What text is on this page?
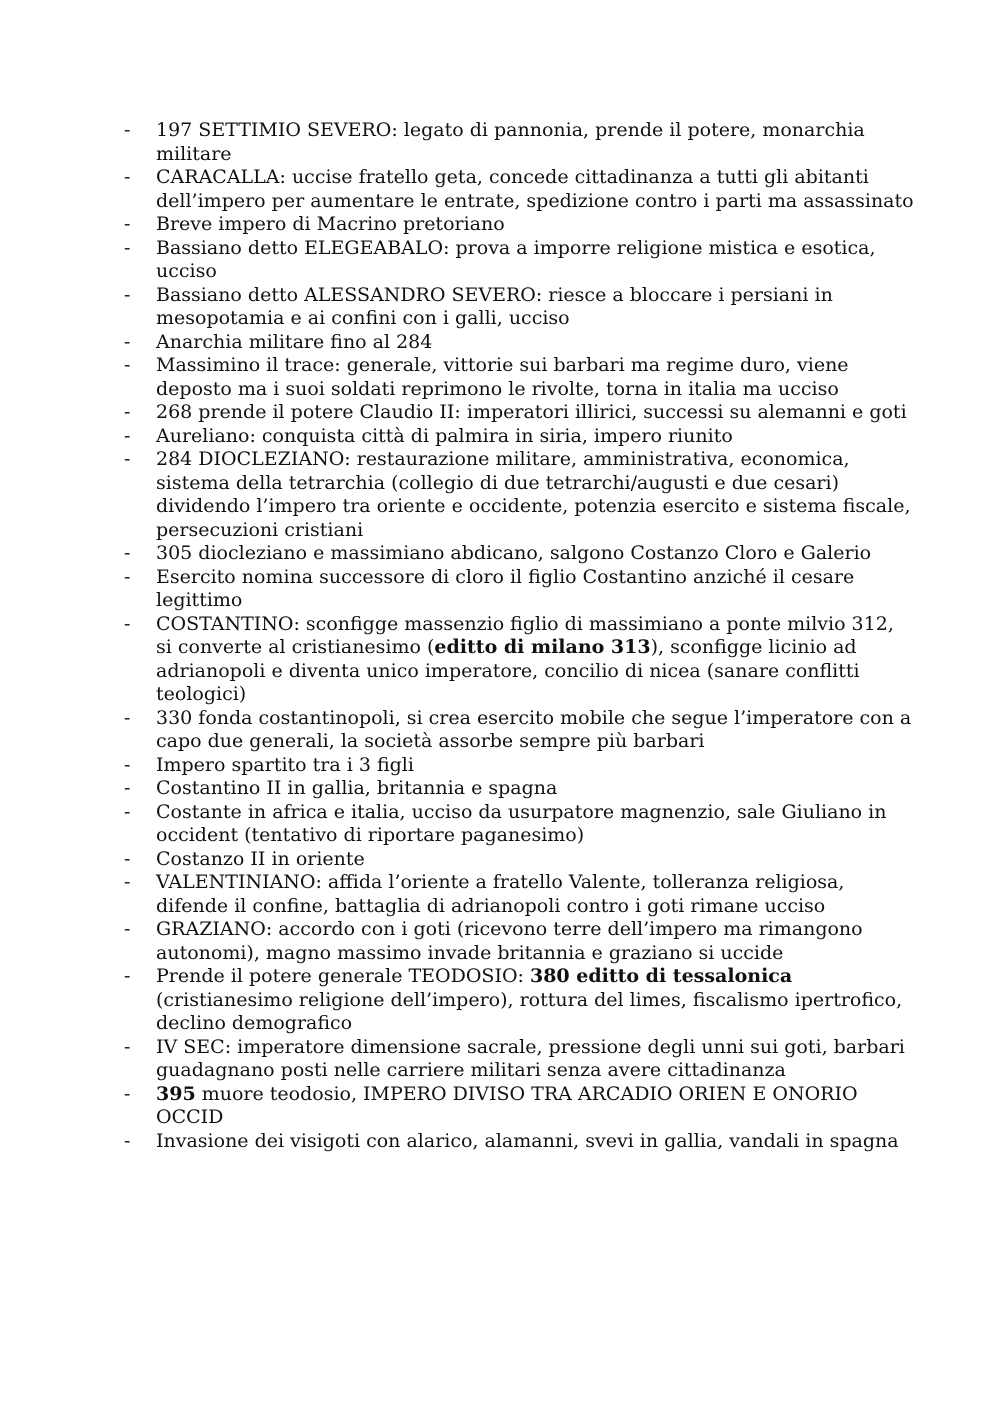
-	197 SETTIMIO SEVERO: legato di pannonia, prende il potere, monarchia militare
-	CARACALLA: uccise fratello geta, concede cittadinanza a tutti gli abitanti dell’impero per aumentare le entrate, spedizione contro i parti ma assassinato
-	Breve impero di Macrino pretoriano
-	Bassiano detto ELEGEABALO: prova a imporre religione mistica e esotica, ucciso
-	Bassiano detto ALESSANDRO SEVERO: riesce a bloccare i persiani in mesopotamia e ai confini con i galli, ucciso
-	Anarchia militare fino al 284
-	Massimino il trace: generale, vittorie sui barbari ma regime duro, viene deposto ma i suoi soldati reprimono le rivolte, torna in italia ma ucciso
-	268 prende il potere Claudio II: imperatori illirici, successi su alemanni e goti
-	Aureliano: conquista città di palmira in siria, impero riunito
-	284 DIOCLEZIANO: restaurazione militare, amministrativa, economica, sistema della tetrarchia (collegio di due tetrarchi/augusti e due cesari) dividendo l’impero tra oriente e occidente, potenzia esercito e sistema fiscale, persecuzioni cristiani
-	305 diocleziano e massimiano abdicano, salgono Costanzo Cloro e Galerio
-	Esercito nomina successore di cloro il figlio Costantino anziché il cesare legittimo
-	COSTANTINO: sconfigge massenzio figlio di massimiano a ponte milvio 312, si converte al cristianesimo (editto di milano 313), sconfigge licinio ad adrianopoli e diventa unico imperatore, concilio di nicea (sanare conflitti teologici)
-	330 fonda costantinopoli, si crea esercito mobile che segue l’imperatore con a capo due generali, la società assorbe sempre più barbari
-	Impero spartito tra i 3 figli
-	Costantino II in gallia, britannia e spagna
-	Costante in africa e italia, ucciso da usurpatore magnenzio, sale Giuliano in occident (tentativo di riportare paganesimo)
-	Costanzo II in oriente
-	VALENTINIANO: affida l’oriente a fratello Valente, tolleranza religiosa, difende il confine, battaglia di adrianopoli contro i goti rimane ucciso
-	GRAZIANO: accordo con i goti (ricevono terre dell’impero ma rimangono autonomi), magno massimo invade britannia e graziano si uccide
-	Prende il potere generale TEODOSIO: 380 editto di tessalonica (cristianesimo religione dell’impero), rottura del limes, fiscalismo ipertrofico, declino demografico
-	IV SEC: imperatore dimensione sacrale, pressione degli unni sui goti, barbari guadagnano posti nelle carriere militari senza avere cittadinanza
-	395 muore teodosio, IMPERO DIVISO TRA ARCADIO ORIEN E ONORIO OCCID
-	Invasione dei visigoti con alarico, alamanni, svevi in gallia, vandali in spagna
